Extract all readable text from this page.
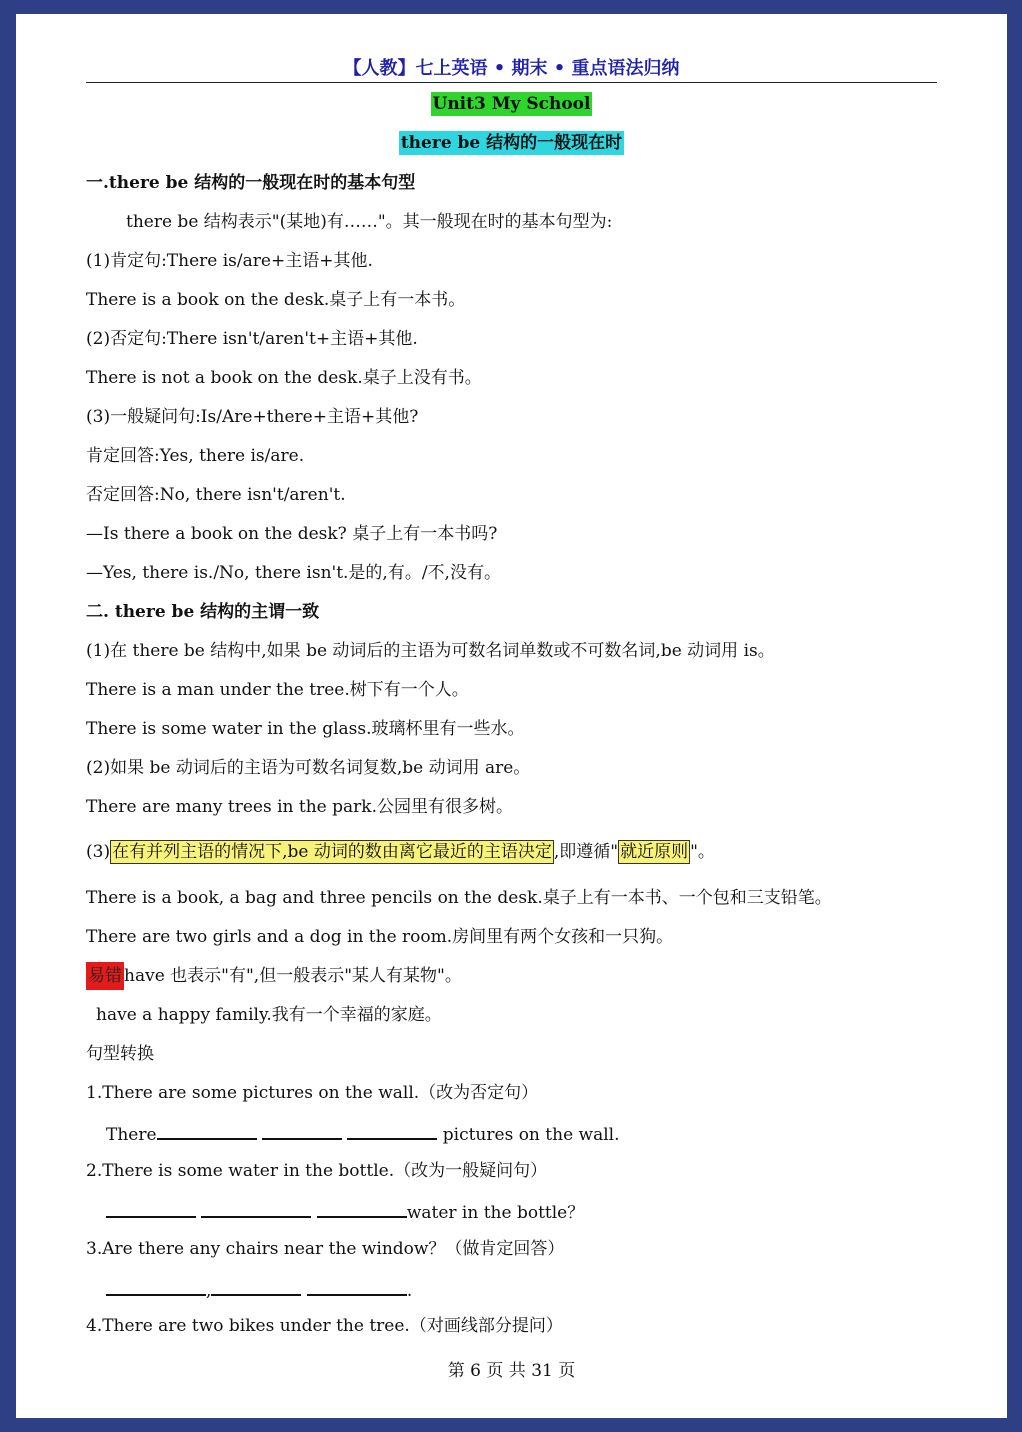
【人教】七上英语 • 期末 • 重点语法归纳
Unit3 My School
there be 结构的一般现在时
一.there be 结构的一般现在时的基本句型
there be 结构表示"(某地)有……"。其一般现在时的基本句型为:
(1)肯定句:There is/are+主语+其他.
There is a book on the desk.桌子上有一本书。
(2)否定句:There isn't/aren't+主语+其他.
There is not a book on the desk.桌子上没有书。
(3)一般疑问句:Is/Are+there+主语+其他?
肯定回答:Yes, there is/are.
否定回答:No, there isn't/aren't.
—Is there a book on the desk? 桌子上有一本书吗?
—Yes, there is./No, there isn't.是的,有。/不,没有。
二. there be 结构的主谓一致
(1)在 there be 结构中,如果 be 动词后的主语为可数名词单数或不可数名词,be 动词用 is。
There is a man under the tree.树下有一个人。
There is some water in the glass.玻璃杯里有一些水。
(2)如果 be 动词后的主语为可数名词复数,be 动词用 are。
There are many trees in the park.公园里有很多树。
(3) 在有并列主语的情况下,be 动词的数由离它最近的主语决定 ,即遵循" 就近原则 "。
There is a book, a bag and three pencils on the desk.桌子上有一本书、一个包和三支铅笔。
There are two girls and a dog in the room.房间里有两个女孩和一只狗。
易错 have 也表示"有",但一般表示"某人有某物"。
have a happy family.我有一个幸福的家庭。
句型转换
1.There are some pictures on the wall.（改为否定句）
There	pictures on the wall.
2.There is some water in the bottle.（改为一般疑问句）
water in the bottle？
3.Are there any chairs near the window？（做肯定回答）
,	.
4.There are two bikes under the tree.（对画线部分提问）
第 6 页 共 31 页
